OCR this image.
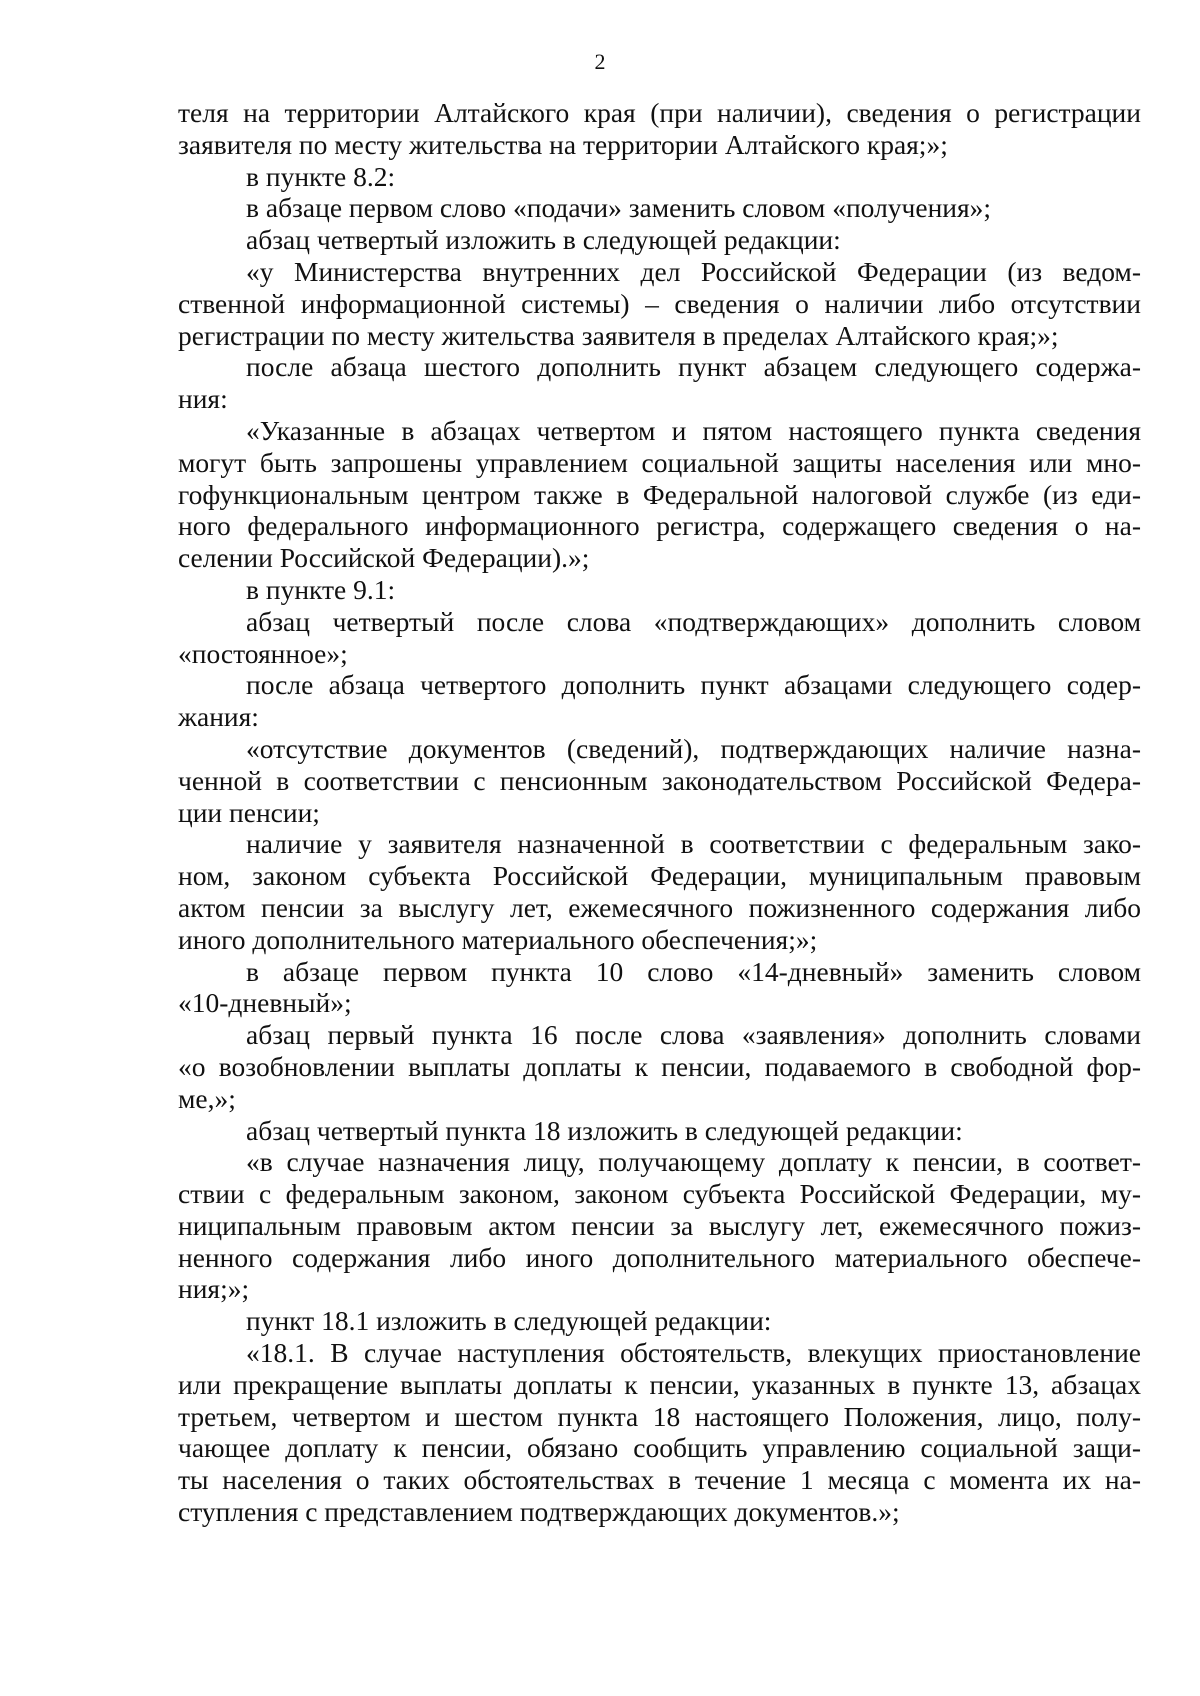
2
теля на территории Алтайского края (при наличии), сведения о регистрации
заявителя по месту жительства на территории Алтайского края;»;
в пункте 8.2:
в абзаце первом слово «подачи» заменить словом «получения»;
абзац четвертый изложить в следующей редакции:
«у Министерства внутренних дел Российской Федерации (из ведом-
ственной информационной системы) – сведения о наличии либо отсутствии
регистрации по месту жительства заявителя в пределах Алтайского края;»;
после абзаца шестого дополнить пункт абзацем следующего содержа-
ния:
«Указанные в абзацах четвертом и пятом настоящего пункта сведения
могут быть запрошены управлением социальной защиты населения или мно-
гофункциональным центром также в Федеральной налоговой службе (из еди-
ного федерального информационного регистра, содержащего сведения о на-
селении Российской Федерации).»;
в пункте 9.1:
абзац четвертый после слова «подтверждающих» дополнить словом
«постоянное»;
после абзаца четвертого дополнить пункт абзацами следующего содер-
жания:
«отсутствие документов (сведений), подтверждающих наличие назна-
ченной в соответствии с пенсионным законодательством Российской Федера-
ции пенсии;
наличие у заявителя назначенной в соответствии с федеральным зако-
ном, законом субъекта Российской Федерации, муниципальным правовым
актом пенсии за выслугу лет, ежемесячного пожизненного содержания либо
иного дополнительного материального обеспечения;»;
в абзаце первом пункта 10 слово «14-дневный» заменить словом
«10-дневный»;
абзац первый пункта 16 после слова «заявления» дополнить словами
«о возобновлении выплаты доплаты к пенсии, подаваемого в свободной фор-
ме,»;
абзац четвертый пункта 18 изложить в следующей редакции:
«в случае назначения лицу, получающему доплату к пенсии, в соответ-
ствии с федеральным законом, законом субъекта Российской Федерации, му-
ниципальным правовым актом пенсии за выслугу лет, ежемесячного пожиз-
ненного содержания либо иного дополнительного материального обеспече-
ния;»;
пункт 18.1 изложить в следующей редакции:
«18.1. В случае наступления обстоятельств, влекущих приостановление
или прекращение выплаты доплаты к пенсии, указанных в пункте 13, абзацах
третьем, четвертом и шестом пункта 18 настоящего Положения, лицо, полу-
чающее доплату к пенсии, обязано сообщить управлению социальной защи-
ты населения о таких обстоятельствах в течение 1 месяца с момента их на-
ступления с представлением подтверждающих документов.»;
